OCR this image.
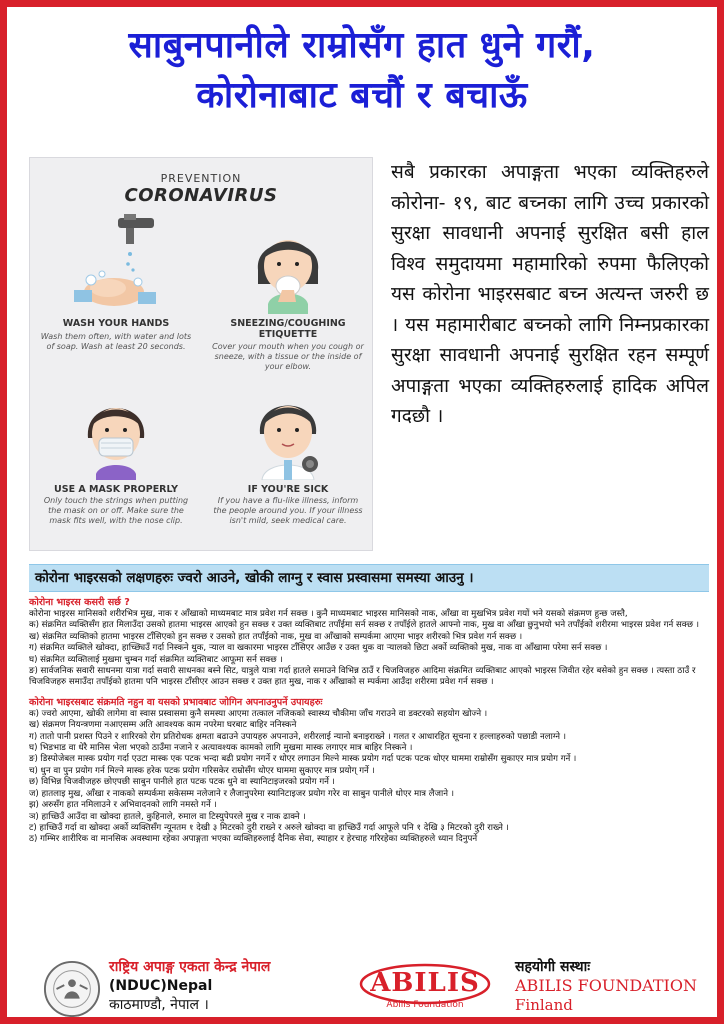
साबुनपानीले राम्रोसँग हात धुने गरौं,
कोरोनाबाट बचौं र बचाऊँ
PREVENTION
CORONAVIRUS
WASH YOUR HANDS
Wash them often, with water and lots of soap. Wash at least 20 seconds.
SNEEZING/COUGHING ETIQUETTE
Cover your mouth when you cough or sneeze, with a tissue or the inside of your elbow.
USE A MASK PROPERLY
Only touch the strings when putting the mask on or off. Make sure the mask fits well, with the nose clip.
IF YOU'RE SICK
If you have a flu-like illness, inform the people around you. If your illness isn't mild, seek medical care.
सबै प्रकारका अपाङ्गता भएका व्यक्तिहरुले कोरोना- १९, बाट बच्नका लागि उच्च प्रकारको सुरक्षा सावधानी अपनाई सुरक्षित बसी हाल विश्व समुदायमा महामारिको रुपमा फैलिएको यस कोरोना भाइरसबाट बच्न अत्यन्त जरुरी छ । यस महामारीबाट बच्नको लागि निम्नप्रकारका सुरक्षा सावधानी अपनाई सुरक्षित रहन सम्पूर्ण अपाङ्गता भएका व्यक्तिहरुलाई हादिक अपिल गदछौ ।
कोरोना भाइरसको लक्षणहरुः ज्वरो आउने, खोकी लाग्नु र स्वास प्रस्वासमा समस्या आउनु ।
कोरोना भाइरस कसरी सर्छ ?
कोरोना भाइरस मानिसको शरीरभित्र मुख, नाक र आँखाको माध्यमबाट मात्र प्रवेश गर्न सक्छ । कुनै माध्यमबाट भाइरस मानिसको नाक, आँखा वा मुखभित्र प्रवेश गयों भने यसको संक्रमण हुन्छ जस्तै,
क) संक्रमित व्यक्तिसँग हात मिलाउँदा उसको हातमा भाइरस आएको हुन सक्छ र उक्त व्यक्तिबाट तपाँईमा सर्न सक्छ र तपाँईले हातले आफ्नो नाक, मुख वा आँखा छुनुभयो भने तपाँईको शरीरमा भाइरस प्रवेश गर्न सक्छ ।
ख) संक्रमित व्यक्तिको हातमा भाइरस टाँसिएको हुन सक्छ र उसको हात तपाँईको नाक, मुख वा आँखाको सम्पर्कमा आएमा भाइर शरीरको भित्र प्रवेश गर्न सक्छ ।
ग) संक्रमित व्यक्तिले खोक्दा, हाच्छ्यिउँ गर्दा निस्कने थुक, ऱ्याल वा खकारमा भाइरस टाँसिएर आउँछ र उक्त थुक वा ऱ्यालको छिटा अर्को व्यक्तिको मुख, नाक वा आँखामा परेमा सर्न सक्छ ।
घ) संक्रमित व्यक्तिलाई मुखमा चुम्बन गर्दा संक्रमित व्यक्तिबाट आफूमा सर्न सक्छ ।
ङ) सार्वजनिक सवारी साधनमा यात्रा गर्दा सवारी साधनका बस्ने सिट, यात्रुले यात्रा गर्दा हातले समाउने विभिन्न ठाउँ र चिजविजहरु आदिमा संक्रमित व्यक्तिबाट आएको भाइरस जिवीत रहेर बसेको हुन सक्छ । त्यस्ता ठाउँ र चिजविजहरु समाउँदा तपाँईको हातमा पनि भाइरस टाँसीएर आउन सक्छ र उक्त हात मुख, नाक र आँखाको स म्पर्कमा आउँदा शरीरमा प्रवेश गर्न सक्छ ।
कोरोना भाइरसबाट संक्रमति नहुन वा यसको प्रभावबाट जोगिन अपनाउनुपर्ने उपायहरुः
क) ज्वरो आएमा, खोकी लागेमा वा स्वास प्रस्वासमा कुनै समस्या आएमा तत्काल नजिकको स्वास्थ्य चौकीमा जाँच गराउने वा डक्टरको सहयोग खोज्ने ।
ख) संक्रमण नियन्त्रणमा नआएसम्म अति आवश्यक काम नपरेमा घरबाट बाहिर ननिस्कने
ग) तातो पानी प्रशस्त पिउने र शारिरको रोग प्रतिरोधक क्षमता बढाउने उपायहरु अपनाउने, शरीरलाई न्यानो बनाइराख्ने । गलत र आधारहित सूचना र हल्लाहरुको पछाडी नलाग्ने ।
घ) भिडभाड वा धेरै मानिस भेला भएको ठाउँमा नजाने र अत्यावश्यक कामको लागि मुखमा मास्क लगाएर मात्र बाहिर निस्कने ।
ङ) डिस्पोजेबल मास्क प्रयोग गर्दा एउटा मास्क एक पटक भन्दा बढी प्रयोग नगर्ने र धोएर लगाउन मिल्ने मास्क प्रयोग गर्दा पटक पटक धोएर घाममा राम्रोसँग सुकाएर मात्र प्रयोग गर्ने ।
च) धुन वा पुन प्रयोग गर्न मिल्ने मास्क हरेक पटक प्रयोग गरिसकेर राम्रोसँग धोएर घाममा सुकाएर मात्र प्रयोग् गर्ने ।
छ) विभिन्न चिजवीजहरु छोएपछी साबुन पानीले हात पटक पटक धुने वा स्यानिटाइजरको प्रयोग गर्ने ।
ज) हातलाइ मुख, आँखा र नाकको सम्पर्कमा सकेसम्म नलेजाने र लैजानुपरेमा स्यानिटाइजर प्रयोग गरेर वा साबुन पानीले धोएर मात्र लैजाने ।
झ) अरुसँग हात नमिलाउने र अभिवादनको लागि नमस्ते गर्ने ।
ञ) हाच्छिउँ आउँदा वा खोक्दा हातले, कुहिनाले, रुमाल वा टिस्युपेपरले मुख र नाक ढाक्ने ।
ट) हाच्छिउँ गर्दा वा खोक्दा अर्को व्यक्तिसँग न्यूनतम १ देखी ३ मिटरको दुरी राख्ने र अरुले खोक्दा वा हाच्छिउँ गर्दा आफूले पनि १ देखि ३ मिटरको दुरी राख्ने ।
ठ) गम्भिर शारीरिक वा मानसिक अवस्थामा रहेका अपाङ्गता भएका व्यक्तिहरुलाई दैनिक सेवा, स्याहार र हेरचाह गरिरहेका व्यक्तिहरुले ध्यान दिनुपर्ने
राष्ट्रिय अपाङ्ग एकता केन्द्र नेपाल
(NDUC)Nepal
काठमाण्डौ, नेपाल ।
ABILIS
Abilis Foundation
सहयोगी सस्थाः
ABILIS FOUNDATION
Finland
